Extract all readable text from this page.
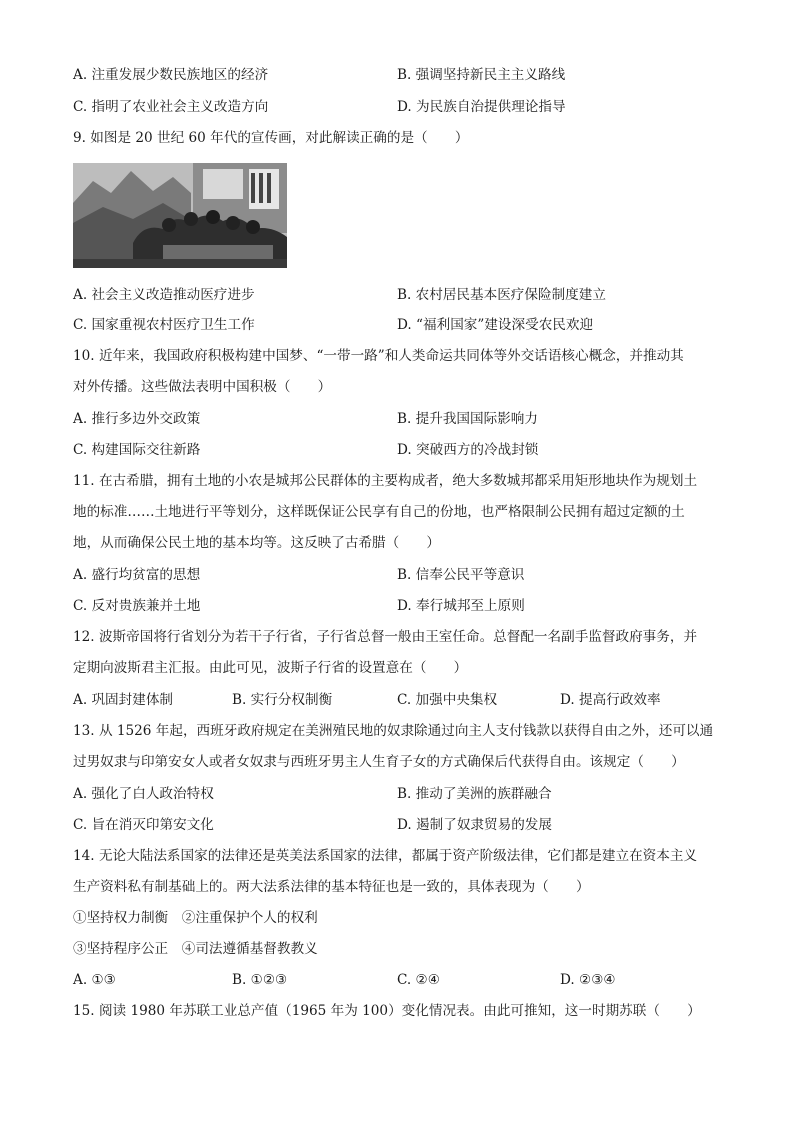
A. 注重发展少数民族地区的经济	B. 强调坚持新民主主义路线
C. 指明了农业社会主义改造方向	D. 为民族自治提供理论指导
9. 如图是 20 世纪 60 年代的宣传画，对此解读正确的是（　　）
A. 社会主义改造推动医疗进步	B. 农村居民基本医疗保险制度建立
C. 国家重视农村医疗卫生工作	D. “福利国家”建设深受农民欢迎
10. 近年来，我国政府积极构建中国梦、“一带一路”和人类命运共同体等外交话语核心概念，并推动其
对外传播。这些做法表明中国积极（　　）
A. 推行多边外交政策	B. 提升我国国际影响力
C. 构建国际交往新路	D. 突破西方的冷战封锁
11. 在古希腊，拥有土地的小农是城邦公民群体的主要构成者，绝大多数城邦都采用矩形地块作为规划土
地的标准……土地进行平等划分，这样既保证公民享有自己的份地，也严格限制公民拥有超过定额的土
地，从而确保公民土地的基本均等。这反映了古希腊（　　）
A. 盛行均贫富的思想	B. 信奉公民平等意识
C. 反对贵族兼并土地	D. 奉行城邦至上原则
12. 波斯帝国将行省划分为若干子行省，子行省总督一般由王室任命。总督配一名副手监督政府事务，并
定期向波斯君主汇报。由此可见，波斯子行省的设置意在（　　）
A. 巩固封建体制	B. 实行分权制衡	C. 加强中央集权	D. 提高行政效率
13. 从 1526 年起，西班牙政府规定在美洲殖民地的奴隶除通过向主人支付钱款以获得自由之外，还可以通
过男奴隶与印第安女人或者女奴隶与西班牙男主人生育子女的方式确保后代获得自由。该规定（　　）
A. 强化了白人政治特权	B. 推动了美洲的族群融合
C. 旨在消灭印第安文化	D. 遏制了奴隶贸易的发展
14. 无论大陆法系国家的法律还是英美法系国家的法律，都属于资产阶级法律，它们都是建立在资本主义
生产资料私有制基础上的。两大法系法律的基本特征也是一致的，具体表现为（　　）
①坚持权力制衡　②注重保护个人的权利
③坚持程序公正　④司法遵循基督教教义
A. ①③	B. ①②③	C. ②④	D. ②③④
15. 阅读 1980 年苏联工业总产值（1965 年为 100）变化情况表。由此可推知，这一时期苏联（　　）
